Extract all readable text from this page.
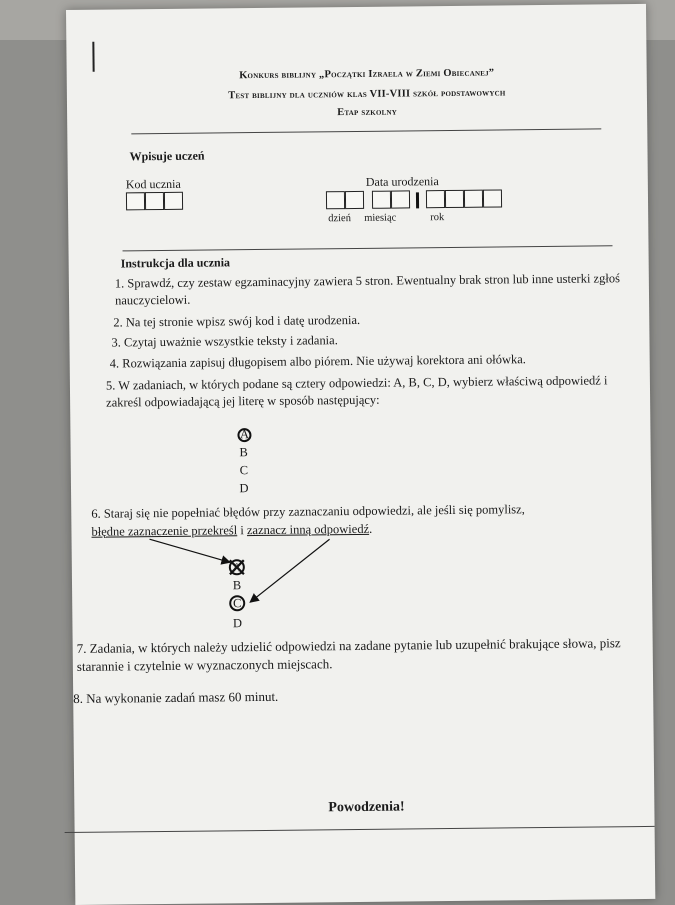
Konkurs biblijny „Początki Izraela w Ziemi Obiecanej”
Test biblijny dla uczniów klas VII-VIII szkół podstawowych
Etap szkolny
Wpisuje uczeń
Kod ucznia	Data urodzenia
dzień miesiąc	rok
Instrukcja dla ucznia
1. Sprawdź, czy zestaw egzaminacyjny zawiera 5 stron. Ewentualny brak stron lub inne usterki zgłoś nauczycielowi.
2. Na tej stronie wpisz swój kod i datę urodzenia.
3. Czytaj uważnie wszystkie teksty i zadania.
4. Rozwiązania zapisuj długopisem albo piórem. Nie używaj korektora ani ołówka.
5. W zadaniach, w których podane są cztery odpowiedzi: A, B, C, D, wybierz właściwą odpowiedź i zakreśl odpowiadającą jej literę w sposób następujący:
A
B
C
D
6. Staraj się nie popełniać błędów przy zaznaczaniu odpowiedzi, ale jeśli się pomylisz,
błędne zaznaczenie przekreśl i zaznacz inną odpowiedź.
A
B
C
D
7. Zadania, w których należy udzielić odpowiedzi na zadane pytanie lub uzupełnić brakujące słowa, pisz starannie i czytelnie w wyznaczonych miejscach.
8. Na wykonanie zadań masz 60 minut.
Powodzenia!
